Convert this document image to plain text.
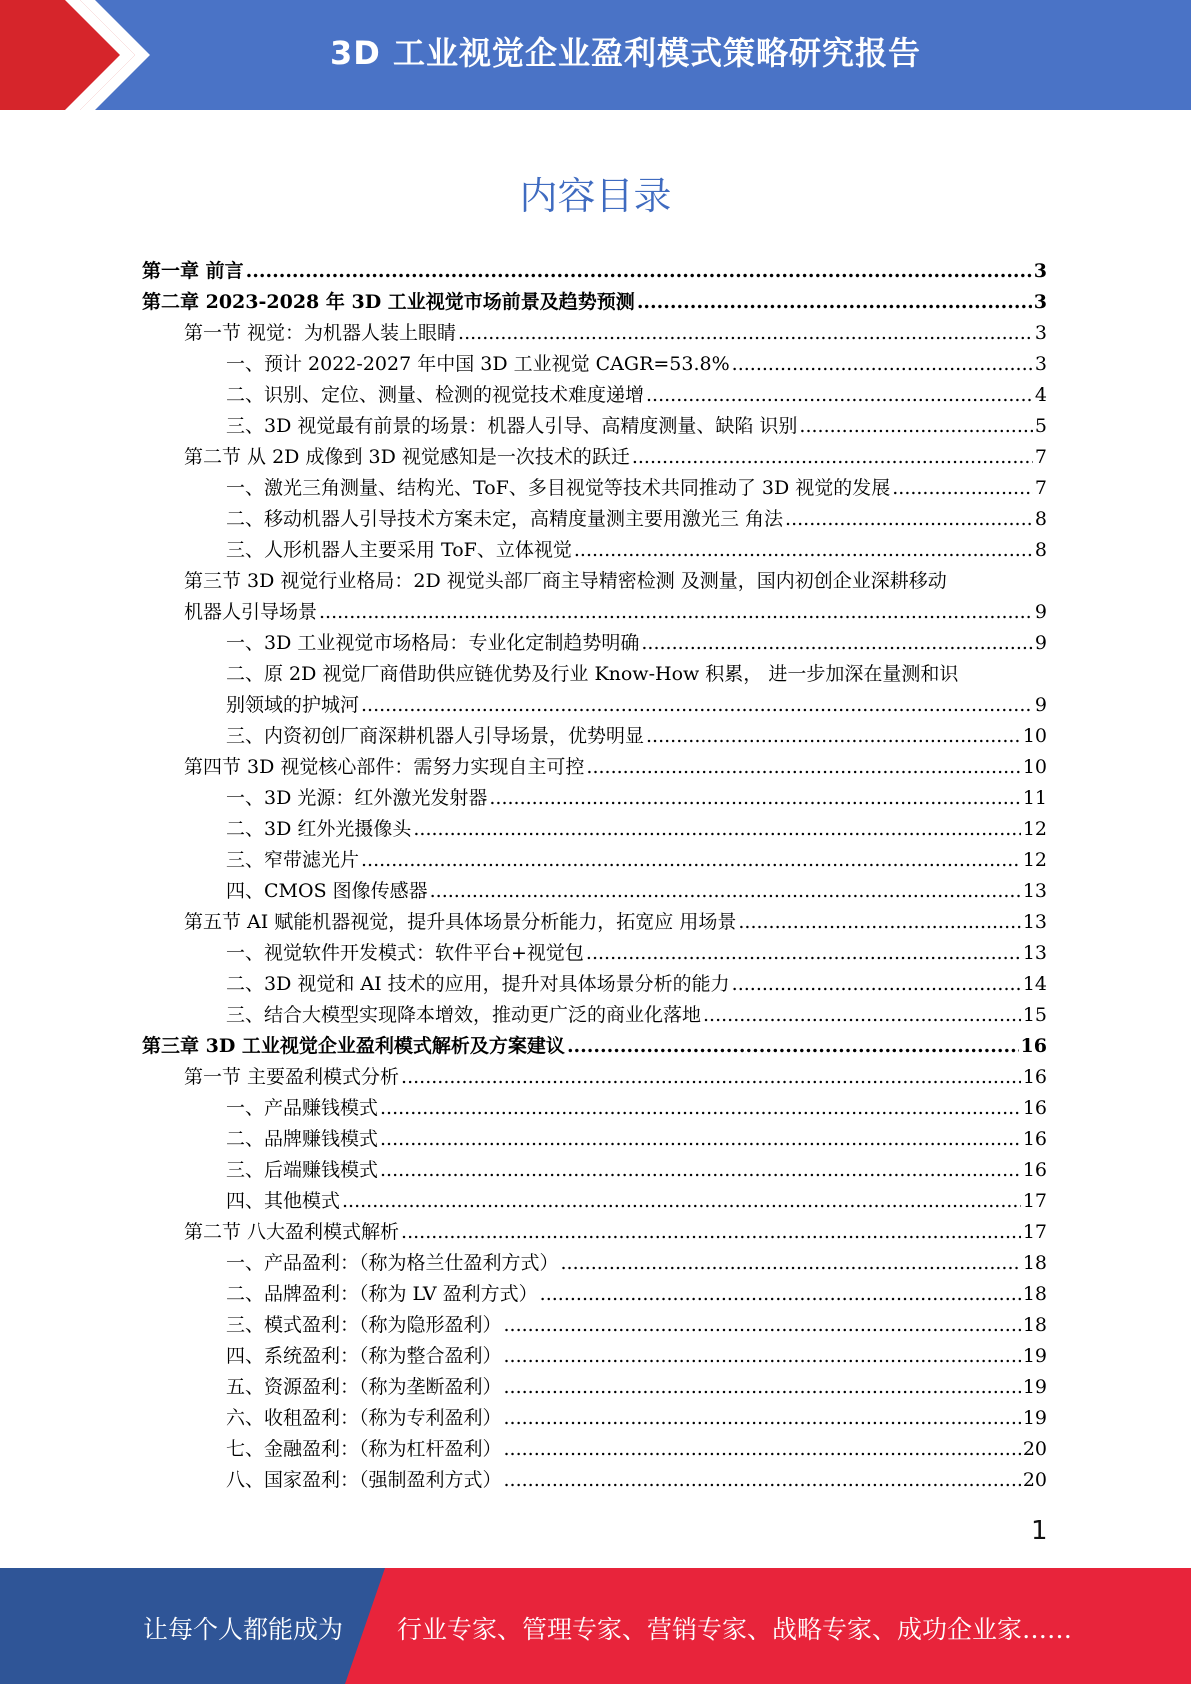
3D 工业视觉企业盈利模式策略研究报告
内容目录
第一章 前言 .....	3
第二章 2023-2028 年 3D 工业视觉市场前景及趋势预测 .....	3
第一节 视觉：为机器人装上眼睛 .....	3
一、预计 2022-2027 年中国 3D 工业视觉 CAGR=53.8% .....	3
二、识别、定位、测量、检测的视觉技术难度递增 .....	4
三、3D 视觉最有前景的场景：机器人引导、高精度测量、缺陷 识别 .....	5
第二节 从 2D 成像到 3D 视觉感知是一次技术的跃迁 .....	7
一、激光三角测量、结构光、ToF、多目视觉等技术共同推动了 3D 视觉的发展 .....	7
二、移动机器人引导技术方案未定，高精度量测主要用激光三 角法 .....	8
三、人形机器人主要采用 ToF、立体视觉 .....	8
第三节 3D 视觉行业格局：2D 视觉头部厂商主导精密检测 及测量，国内初创企业深耕移动
机器人引导场景 .....	9
一、3D 工业视觉市场格局：专业化定制趋势明确 .....	9
二、原 2D 视觉厂商借助供应链优势及行业 Know-How 积累， 进一步加深在量测和识
别领域的护城河 .....	9
三、内资初创厂商深耕机器人引导场景，优势明显 .....	10
第四节 3D 视觉核心部件：需努力实现自主可控 .....	10
一、3D 光源：红外激光发射器 .....	11
二、3D 红外光摄像头 .....	12
三、窄带滤光片 .....	12
四、CMOS 图像传感器 .....	13
第五节 AI 赋能机器视觉，提升具体场景分析能力，拓宽应 用场景 .....	13
一、视觉软件开发模式：软件平台+视觉包 .....	13
二、3D 视觉和 AI 技术的应用，提升对具体场景分析的能力 .....	14
三、结合大模型实现降本增效，推动更广泛的商业化落地 .....	15
第三章 3D 工业视觉企业盈利模式解析及方案建议 .....	16
第一节 主要盈利模式分析 .....	16
一、产品赚钱模式 .....	16
二、品牌赚钱模式 .....	16
三、后端赚钱模式 .....	16
四、其他模式 .....	17
第二节 八大盈利模式解析 .....	17
一、产品盈利：（称为格兰仕盈利方式） .....	18
二、品牌盈利：（称为 LV 盈利方式） .....	18
三、模式盈利：（称为隐形盈利） .....	18
四、系统盈利：（称为整合盈利） .....	19
五、资源盈利：（称为垄断盈利） .....	19
六、收租盈利：（称为专利盈利） .....	19
七、金融盈利：（称为杠杆盈利） .....	20
八、国家盈利：（强制盈利方式） .....	20
1
让每个人都能成为 行业专家、管理专家、营销专家、战略专家、成功企业家……
